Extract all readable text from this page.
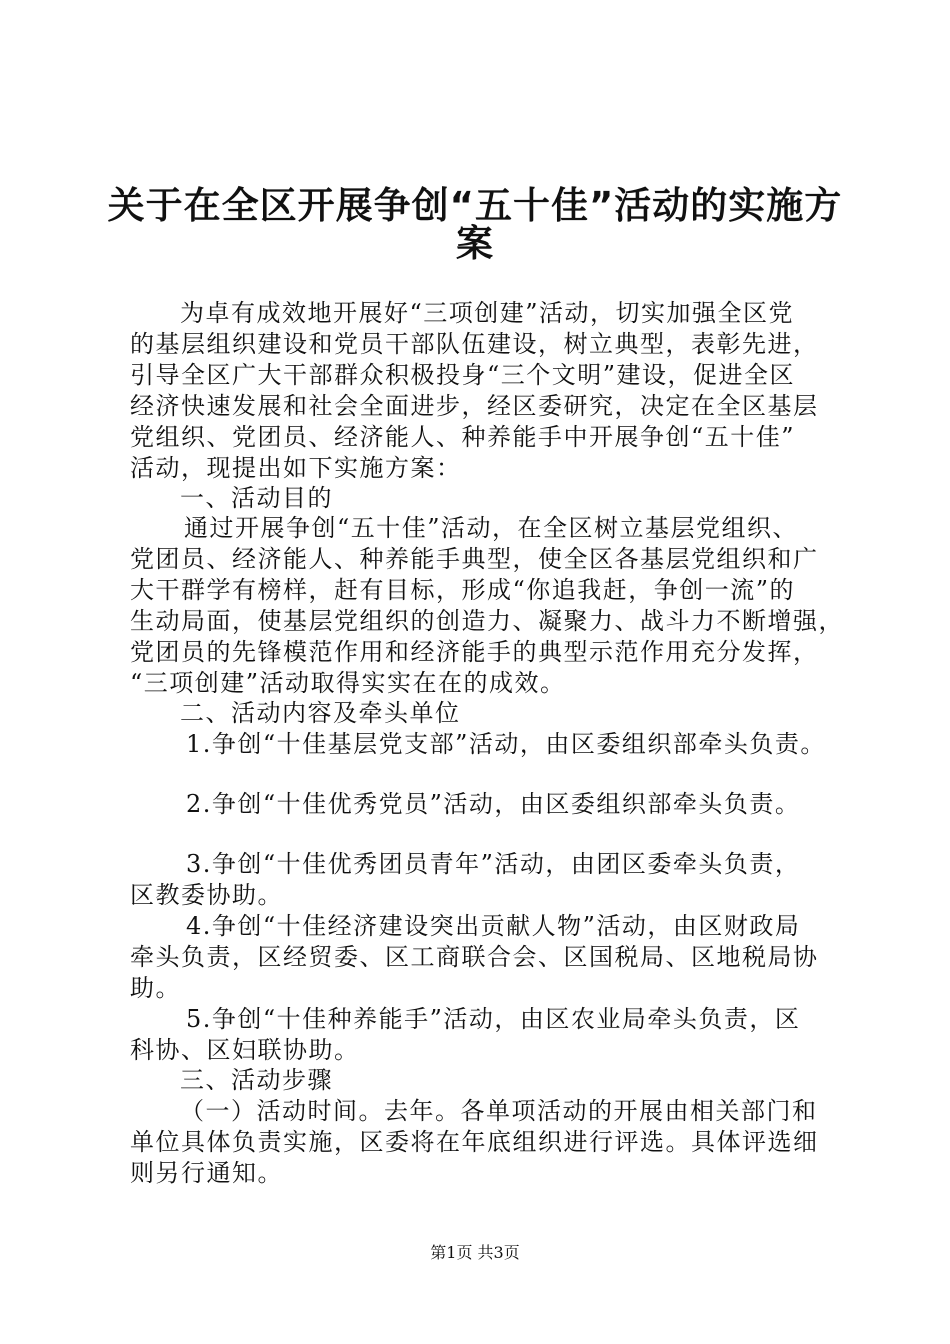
关于在全区开展争创“五十佳”活动的实施方
案
为卓有成效地开展好“三项创建”活动，切实加强全区党
的基层组织建设和党员干部队伍建设，树立典型，表彰先进，
引导全区广大干部群众积极投身“三个文明”建设，促进全区
经济快速发展和社会全面进步，经区委研究，决定在全区基层
党组织、党团员、经济能人、种养能手中开展争创“五十佳”
活动，现提出如下实施方案：
一、活动目的
通过开展争创“五十佳”活动，在全区树立基层党组织、
党团员、经济能人、种养能手典型，使全区各基层党组织和广
大干群学有榜样，赶有目标，形成“你追我赶，争创一流”的
生动局面，使基层党组织的创造力、凝聚力、战斗力不断增强，
党团员的先锋模范作用和经济能手的典型示范作用充分发挥，
“三项创建”活动取得实实在在的成效。
二、活动内容及牵头单位
1.争创“十佳基层党支部”活动，由区委组织部牵头负责。
2.争创“十佳优秀党员”活动，由区委组织部牵头负责。
3.争创“十佳优秀团员青年”活动，由团区委牵头负责，
区教委协助。
4.争创“十佳经济建设突出贡献人物”活动，由区财政局
牵头负责，区经贸委、区工商联合会、区国税局、区地税局协
助。
5.争创“十佳种养能手”活动，由区农业局牵头负责，区
科协、区妇联协助。
三、活动步骤
（一）活动时间。去年。各单项活动的开展由相关部门和
单位具体负责实施，区委将在年底组织进行评选。具体评选细
则另行通知。
第1页 共3页
